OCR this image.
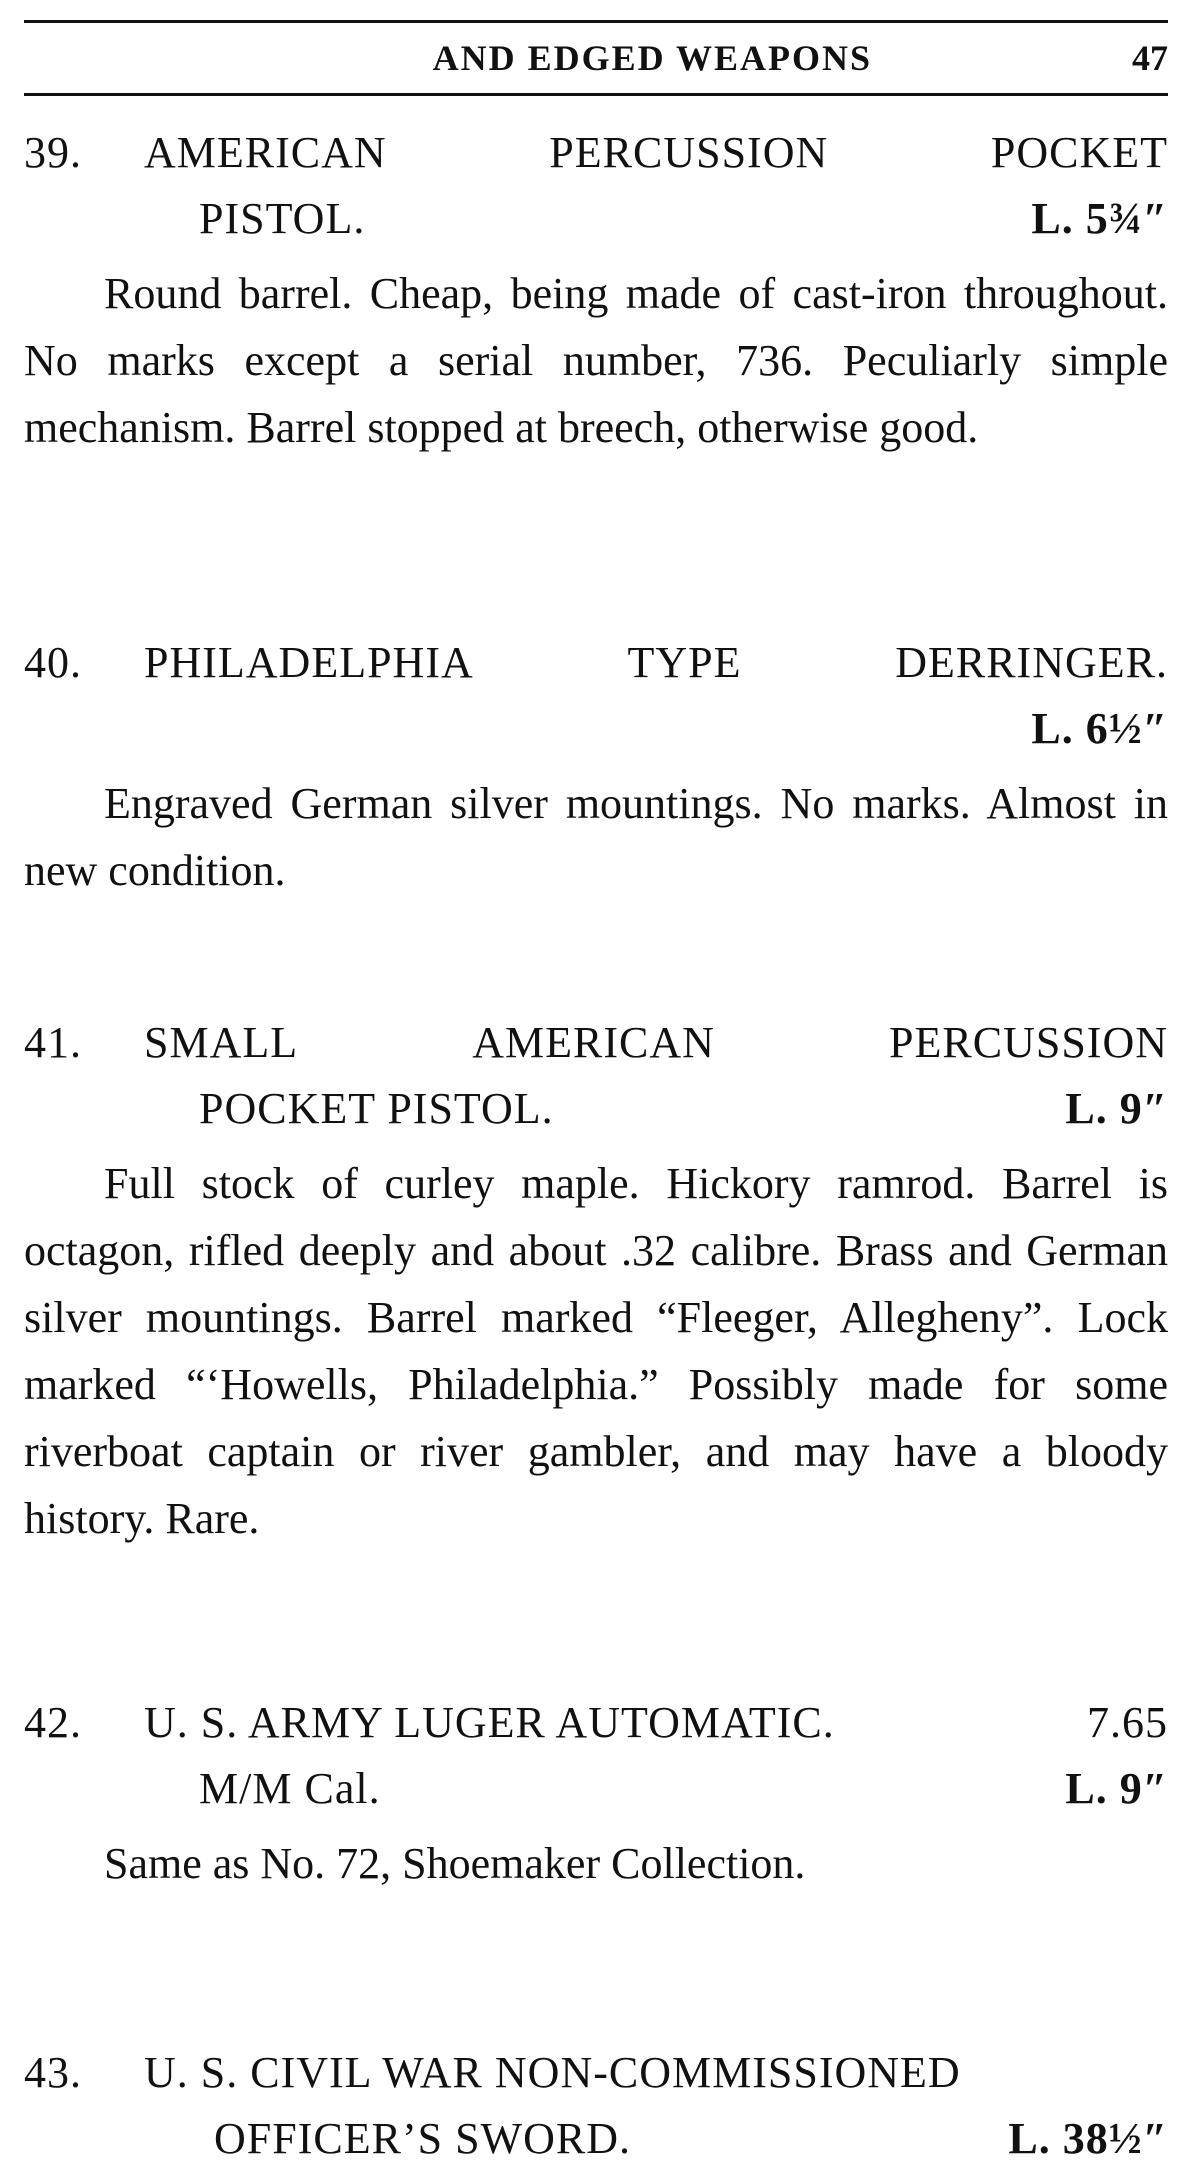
AND EDGED WEAPONS	47
39.	AMERICAN	PERCUSSION	POCKET
PISTOL.	L. 5¾″
Round barrel. Cheap, being made of cast-iron throughout. No marks except a serial number, 736. Peculiarly simple mechanism. Barrel stopped at breech, otherwise good.
40.	PHILADELPHIA	TYPE	DERRINGER.
L. 6½″
Engraved German silver mountings. No marks. Almost in new condition.
41.	SMALL	AMERICAN	PERCUSSION
POCKET PISTOL.	L. 9″
Full stock of curley maple. Hickory ramrod. Barrel is octagon, rifled deeply and about .32 calibre. Brass and German silver mountings. Barrel marked “Fleeger, Allegheny”. Lock marked “‘Howells, Philadelphia.” Possibly made for some riverboat captain or river gambler, and may have a bloody history. Rare.
42.	U. S. ARMY LUGER AUTOMATIC.	7.65
M/M Cal.	L. 9″
Same as No. 72, Shoemaker Collection.
43.	U. S. CIVIL WAR NON-COMMISSIONED
OFFICER’S SWORD.	L. 38½″
